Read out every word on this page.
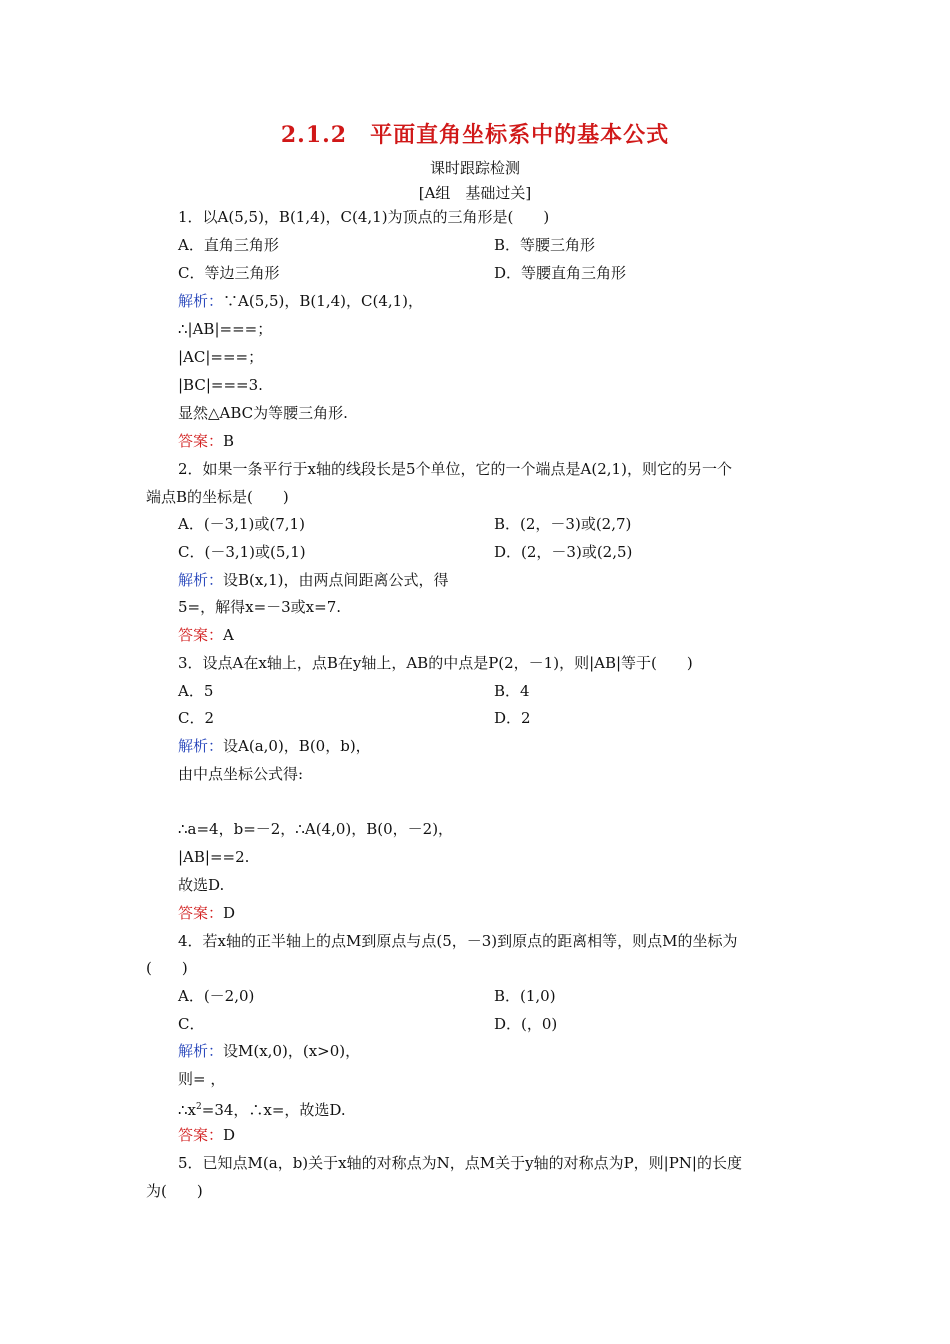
2.1.2　平面直角坐标系中的基本公式
课时跟踪检测
[A组　基础过关]
1．以A(5,5)，B(1,4)，C(4,1)为顶点的三角形是(　　)
A．直角三角形	B．等腰三角形
C．等边三角形	D．等腰直角三角形
解析：∵A(5,5)，B(1,4)，C(4,1)，
∴|AB|===；
|AC|===；
|BC|===3.
显然△ABC为等腰三角形.
答案：B
2．如果一条平行于x轴的线段长是5个单位，它的一个端点是A(2,1)，则它的另一个
端点B的坐标是(　　)
A．(－3,1)或(7,1)	B．(2，－3)或(2,7)
C．(－3,1)或(5,1)	D．(2，－3)或(2,5)
解析：设B(x,1)，由两点间距离公式，得
5=，解得x=－3或x=7.
答案：A
3．设点A在x轴上，点B在y轴上，AB的中点是P(2，－1)，则|AB|等于(　　)
A．5	B．4
C．2	D．2
解析：设A(a,0)，B(0，b)，
由中点坐标公式得:
∴a=4，b=－2，∴A(4,0)，B(0，－2)，
|AB|==2.
故选D.
答案：D
4．若x轴的正半轴上的点M到原点与点(5，－3)到原点的距离相等，则点M的坐标为
(　　)
A．(－2,0)	B．(1,0)
C．	D．(，0)
解析：设M(x,0)，(x>0)，
则= ，
$\therefore x^2=34$，∴x=，故选D.
答案：D
5．已知点M(a，b)关于x轴的对称点为N，点M关于y轴的对称点为P，则|PN|的长度
为(　　)
